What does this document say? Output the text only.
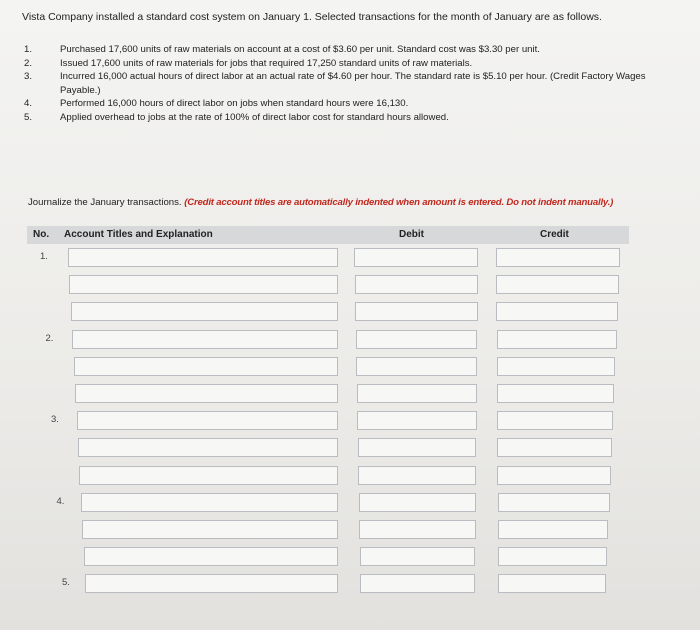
Vista Company installed a standard cost system on January 1. Selected transactions for the month of January are as follows.
1.	Purchased 17,600 units of raw materials on account at a cost of $3.60 per unit. Standard cost was $3.30 per unit.
2.	Issued 17,600 units of raw materials for jobs that required 17,250 standard units of raw materials.
3.	Incurred 16,000 actual hours of direct labor at an actual rate of $4.60 per hour. The standard rate is $5.10 per hour. (Credit Factory Wages Payable.)
4.	Performed 16,000 hours of direct labor on jobs when standard hours were 16,130.
5.	Applied overhead to jobs at the rate of 100% of direct labor cost for standard hours allowed.
Journalize the January transactions. (Credit account titles are automatically indented when amount is entered. Do not indent manually.)
No. Account Titles and Explanation	Debit	Credit
1.
2.
3.
4.
5.
